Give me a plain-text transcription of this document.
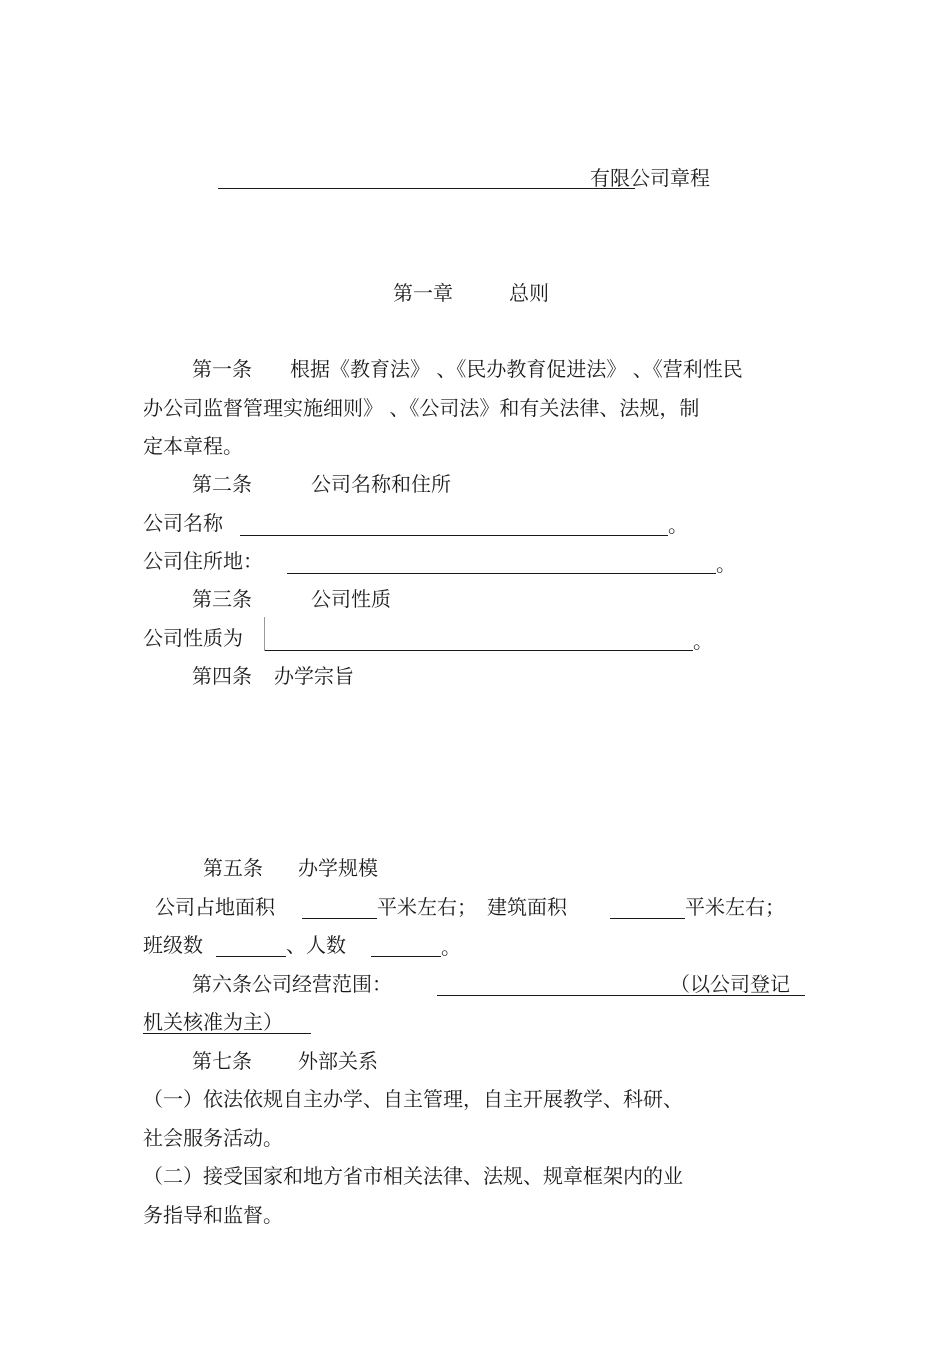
有限公司章程
第一章	总则
第一条 根据《教育法》 、《民办教育促进法》 、《营利性民
办公司监督管理实施细则》 、《公司法》和有关法律、法规，制
定本章程。
第二条	公司名称和住所
公司名称	。
公司住所地：	。
第三条	公司性质
公司性质为	。
第四条 办学宗旨
第五条 办学规模
公司占地面积	平米左右； 建筑面积	平米左右；
班级数	、人数	。
第六条公司经营范围：	（以公司登记
机关核准为主）
第七条 外部关系
（一）依法依规自主办学、自主管理，自主开展教学、科研、
社会服务活动。
（二）接受国家和地方省市相关法律、法规、规章框架内的业
务指导和监督。
